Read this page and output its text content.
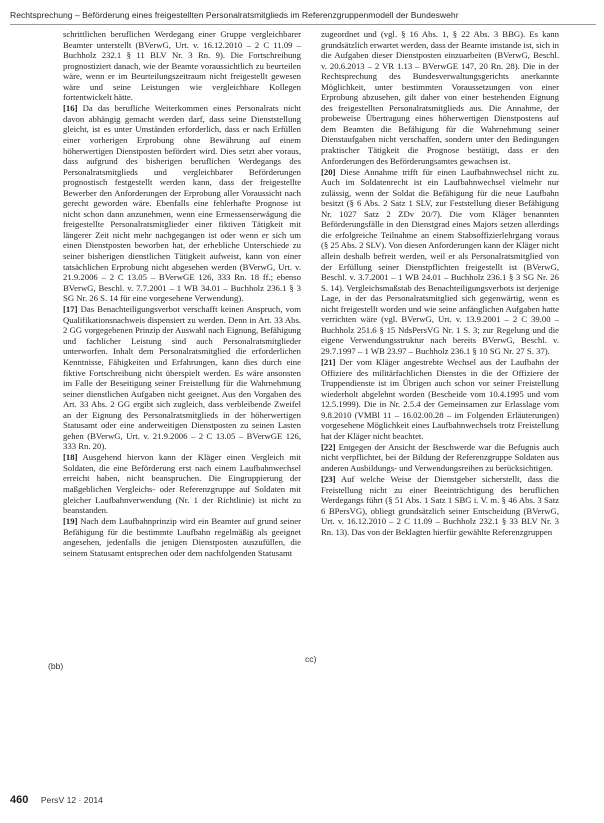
Rechtsprechung – Beförderung eines freigestellten Personalratsmitglieds im Referenzgruppenmodell der Bundeswehr

schrittlichen beruflichen Werdegang einer Gruppe vergleichbarer Beamter unterstellt (BVerwG, Urt. v. 16.12.2010 – 2 C 11.09 – Buchholz 232.1 § 11 BLV Nr. 3 Rn. 9). Die Fortschreibung prognostiziert danach, wie der Beamte voraussichtlich zu beurteilen wäre, wenn er im Beurteilungszeitraum nicht freigestellt gewesen wäre und seine Leistungen wie vergleichbare Kollegen fortentwickelt hätte.

[16] Da das berufliche Weiterkommen eines Personalrats nicht davon abhängig gemacht werden darf, dass seine Dienststellung gleicht, ist es unter Umständen erforderlich, dass er nach Erfüllen einer vorherigen Erprobung ohne Bewährung auf einem höherwertigen Dienstposten befördert wird. Dies setzt aber voraus, dass aufgrund des bisherigen beruflichen Werdegangs des Personalratsmitglieds und vergleichbarer Beförderungen prognostisch festgestellt werden kann, dass der freigestellte Bewerber den Anforderungen der Erprobung aller Voraussicht nach gerecht geworden wäre. Ebenfalls eine fehlerhafte Prognose ist nicht schon dann anzunehmen, wenn eine Ermessenserwägung die freigestellte Personalratsmitglieder einer fiktiven Tätigkeit mit längerer Zeit nicht mehr nachgegangen ist oder wenn er sich um einen Dienstposten beworben hat, der erhebliche Unterschiede zu seiner bisherigen dienstlichen Tätigkeit aufweist, kann von einer tatsächlichen Erprobung nicht abgesehen werden (BVerwG, Urt. v. 21.9.2006 – 2 C 13.05 – BVerwGE 126, 333 Rn. 18 ff.; ebenso BVerwG, Beschl. v. 7.7.2001 – 1 WB 34.01 – Buchholz 236.1 § 3 SG Nr. 26 S. 14 für eine vorgesehene Verwendung).

[17] Das Benachteiligungsverbot verschafft keinen Anspruch, vom Qualifikationsnachweis dispensiert zu werden. Denn in Art. 33 Abs. 2 GG vorgegebenen Prinzip der Auswahl nach Eignung, Befähigung und fachlicher Leistung sind auch Personalratsmitglieder unterworfen. Inhalt dem Personalratsmitglied die erforderlichen Kenntnisse, Fähigkeiten und Erfahrungen, kann dies durch eine fiktive Fortschreibung nicht überspielt werden. Es wäre ansonsten im Falle der Beseitigung seiner Freistellung für die Wahrnehmung seiner dienstlichen Aufgaben nicht geeignet. Aus den Vorgaben des Art. 33 Abs. 2 GG ergibt sich zugleich, dass verbleibende Zweifel an der Eignung des Personalratsmitglieds in der höherwertigen Statusamt oder eine anderweitigen Dienstposten zu seinen Lasten gehen (BVerwG, Urt. v. 21.9.2006 – 2 C 13.05 – BVerwGE 126, 333 Rn. 20).

[18] Ausgehend hiervon kann der Kläger einen Vergleich mit Soldaten, die eine Beförderung erst nach einem Laufbahnwechsel erreicht haben, nicht beanspruchen. Die Eingruppierung der maßgeblichen Vergleichs- oder Referenzgruppe auf Soldaten mit gleicher Laufbahnverwendung (Nr. 1 der Richtlinie) ist nicht zu beanstanden.

[19] Nach dem Laufbahnprinzip wird ein Beamter auf grund seiner Befähigung für die bestimmte Laufbahn regelmäßig als geeignet angesehen, jedenfalls die jenigen Dienstposten auszufüllen, die seinem Statusamt entsprechen oder dem nachfolgenden Statusamt

zugeordnet und (vgl. § 16 Abs. 1, § 22 Abs. 3 BBG). Es kann grundsätzlich erwartet werden, dass der Beamte imstande ist, sich in die Aufgaben dieser Dienstposten einzuarbeiten (BVerwG, Beschl. v. 20.6.2013 – 2 VR 1.13 – BVerwGE 147, 20 Rn. 28). Die in der Rechtsprechung des Bundesverwaltungsgerichts anerkannte Möglichkeit, unter bestimmten Voraussetzungen von einer Erprobung abzusehen, gilt daher von einer bestehenden Eignung des freigestellten Personalratsmitglieds aus. Die Annahme, der probeweise Übertragung eines höherwertigen Dienstpostens auf dem Beamten die Befähigung für die Wahrnehmung seiner Dienstaufgaben nicht verschaffen, sondern unter den Bedingungen praktischer Tätigkeit die Prognose bestätigt, dass er den Anforderungen des Beförderungsamtes gewachsen ist.

[20] Diese Annahme trifft für einen Laufbahnwechsel nicht zu. Auch im Soldatenrecht ist ein Laufbahnwechsel vielmehr nur zulässig, wenn der Soldat die Befähigung für die neue Laufbahn besitzt (§ 6 Abs. 2 Satz 1 SLV, zur Feststellung dieser Befähigung Nr. 1027 Satz 2 ZDv 20/7). Die vom Kläger benannten Beförderungsfälle in den Dienstgrad eines Majors setzen allerdings die erfolgreiche Teilnahme an einem Stabsoffizierlehrgang voraus (§ 25 Abs. 2 SLV). Von diesen Anforderungen kann der Kläger nicht allein deshalb befreit werden, weil er als Personalratsmitglied von der Erfüllung seiner Dienstpflichten freigestellt ist (BVerwG, Beschl. v. 3.7.2001 – 1 WB 24.01 – Buchholz 236.1 § 3 SG Nr. 26 S. 14). Vergleichsmaßstab des Benachteiligungsverbots ist derjenige Lage, in der das Personalratsmitglied sich gegenwärtig, wenn es nicht freigestellt worden und wie seine anfänglichen Aufgaben hatte verrichten wäre (vgl. BVerwG, Urt. v. 13.9.2001 – 2 C 39.00 – Buchholz 251.6 § 15 NdsPersVG Nr. 1 S. 3; zur Regelung und die eigene Verwendungsstruktur nach bereits BVerwG, Beschl. v. 29.7.1997 – 1 WB 23.97 – Buchholz 236.1 § 10 SG Nr. 27 S. 37).

[21] Der vom Kläger angestrebte Wechsel aus der Laufbahn der Offiziere des militärfachlichen Dienstes in die der Offiziere der Truppendienste ist im Übrigen auch schon vor seiner Freistellung wiederholt abgelehnt worden (Bescheide vom 10.4.1995 und vom 12.5.1999). Die in Nr. 2.5.4 der Gemeinsamen zur Erlasslage vom 9.8.2010 (VMBl 11 – 16.02.00.28 – im Folgenden Erläuterungen) vorgesehene Möglichkeit eines Laufbahnwechsels trotz Freistellung hat der Kläger nicht beachtet.

[22] Entgegen der Ansicht der Beschwerde war die Befugnis auch nicht verpflichtet, bei der Bildung der Referenzgruppe Soldaten aus anderen Ausbildungs- und Verwendungsreihen zu berücksichtigen.

[23] Auf welche Weise der Dienstgeber sicherstellt, dass die Freistellung nicht zu einer Beeinträchtigung des beruflichen Werdegangs führt (§ 51 Abs. 1 Satz 1 SBG i. V. m. § 46 Abs. 3 Satz 6 BPersVG), obliegt grundsätzlich seiner Entscheidung (BVerwG, Urt. v. 16.12.2010 – 2 C 11.09 – Buchholz 232.1 § 33 BLV Nr. 3 Rn. 13). Das von der Beklagten hierfür gewählte Referenzgruppen

(bb)
cc)
460 PersV 12 · 2014
